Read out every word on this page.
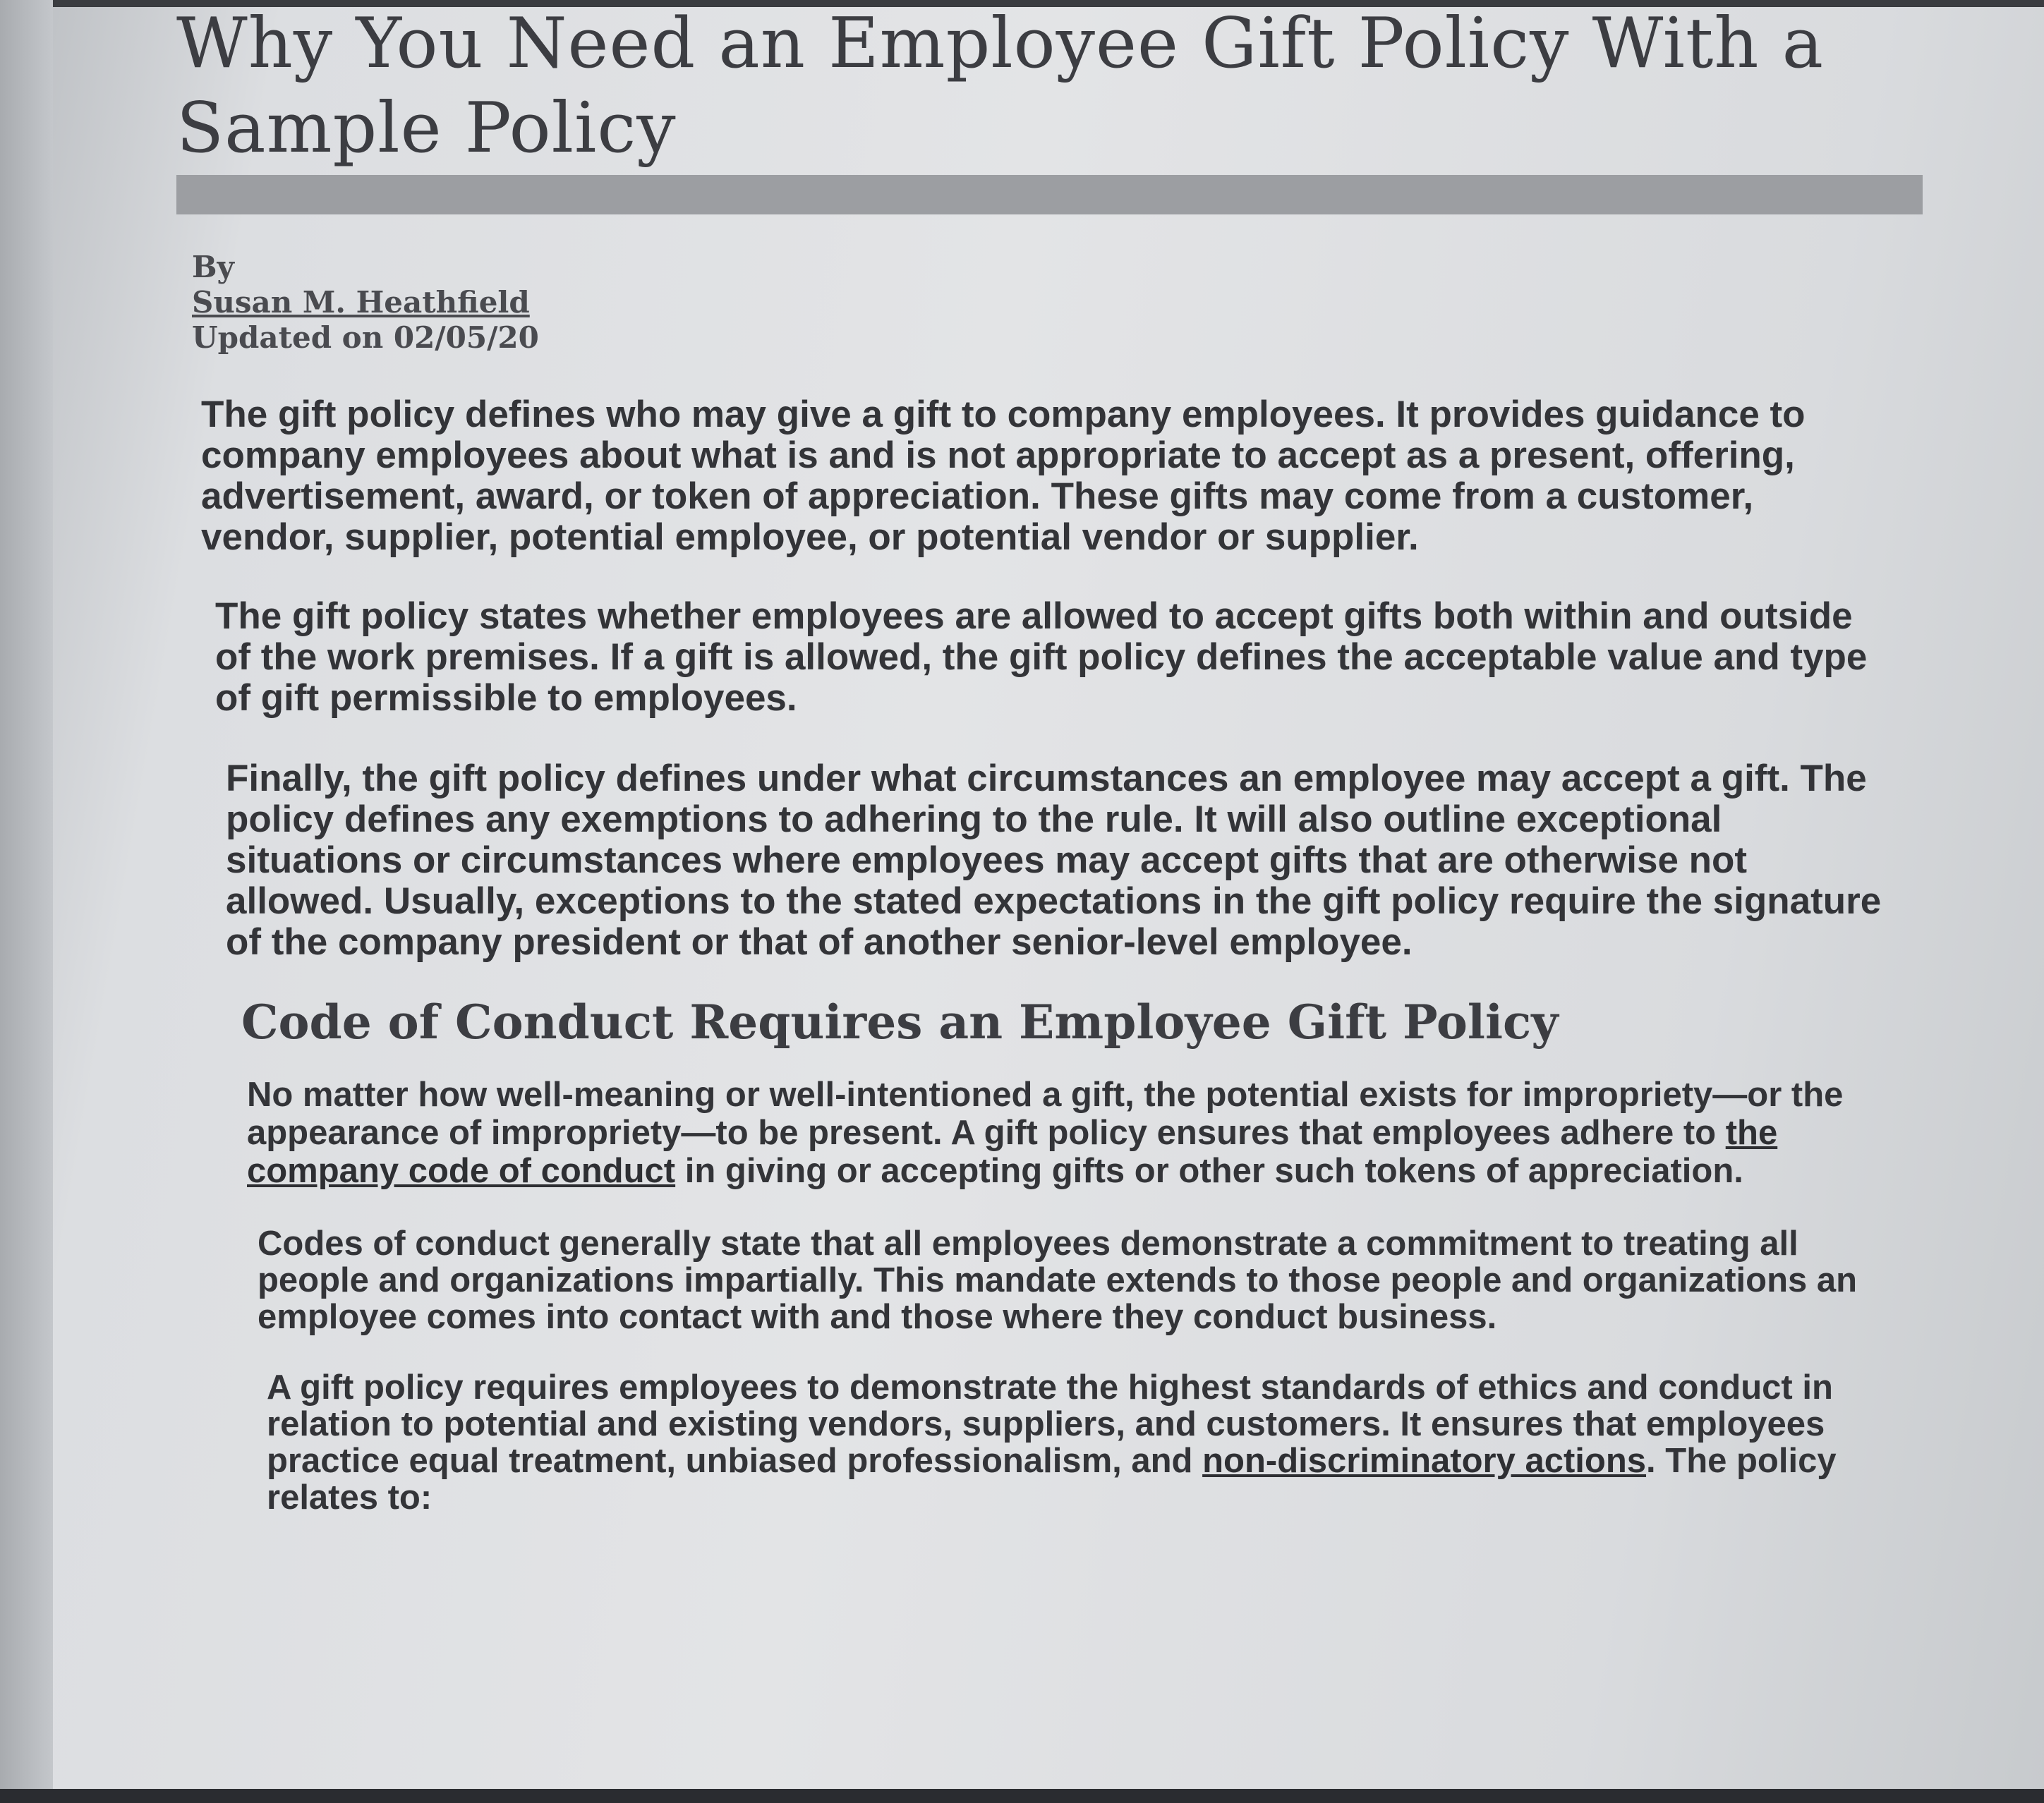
Why You Need an Employee Gift Policy With a Sample Policy
By
Susan M. Heathfield
Updated on 02/05/20

The gift policy defines who may give a gift to company employees. It provides guidance to company employees about what is and is not appropriate to accept as a present, offering, advertisement, award, or token of appreciation. These gifts may come from a customer, vendor, supplier, potential employee, or potential vendor or supplier.

The gift policy states whether employees are allowed to accept gifts both within and outside of the work premises. If a gift is allowed, the gift policy defines the acceptable value and type of gift permissible to employees.

Finally, the gift policy defines under what circumstances an employee may accept a gift. The policy defines any exemptions to adhering to the rule. It will also outline exceptional situations or circumstances where employees may accept gifts that are otherwise not allowed. Usually, exceptions to the stated expectations in the gift policy require the signature of the company president or that of another senior-level employee.

Code of Conduct Requires an Employee Gift Policy

No matter how well-meaning or well-intentioned a gift, the potential exists for impropriety—or the appearance of impropriety—to be present. A gift policy ensures that employees adhere to the company code of conduct in giving or accepting gifts or other such tokens of appreciation.

Codes of conduct generally state that all employees demonstrate a commitment to treating all people and organizations impartially. This mandate extends to those people and organizations an employee comes into contact with and those where they conduct business.

A gift policy requires employees to demonstrate the highest standards of ethics and conduct in relation to potential and existing vendors, suppliers, and customers. It ensures that employees practice equal treatment, unbiased professionalism, and non-discriminatory actions. The policy relates to:
